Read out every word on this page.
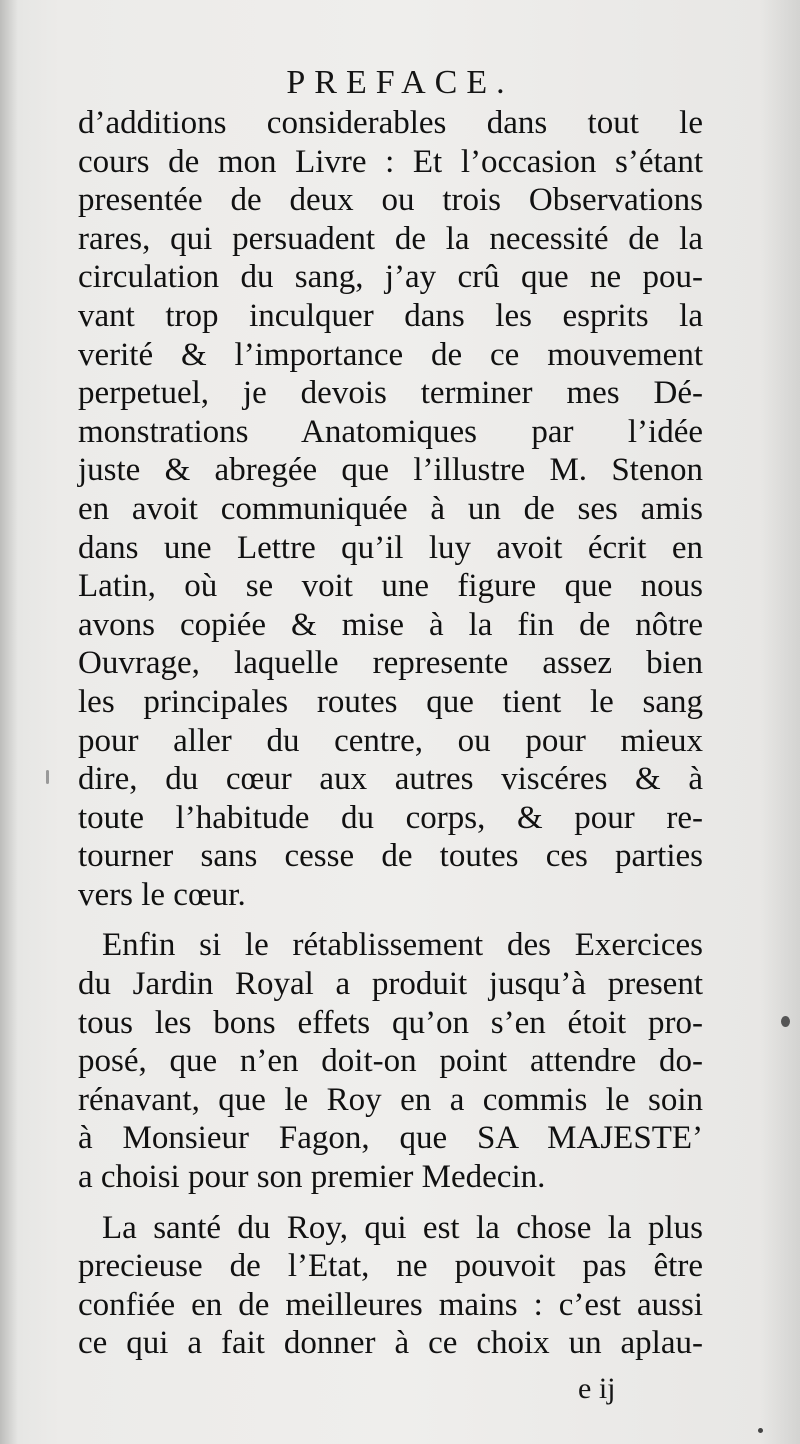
PREFACE.
d’additions considerables dans tout le
cours de mon Livre : Et l’occasion s’étant
presentée de deux ou trois Observations
rares, qui persuadent de la necessité de la
circulation du sang, j’ay crû que ne pou-
vant trop inculquer dans les esprits la
verité & l’importance de ce mouvement
perpetuel, je devois terminer mes Dé-
monstrations Anatomiques par l’idée
juste & abregée que l’illustre M. Stenon
en avoit communiquée à un de ses amis
dans une Lettre qu’il luy avoit écrit en
Latin, où se voit une figure que nous
avons copiée & mise à la fin de nôtre
Ouvrage, laquelle represente assez bien
les principales routes que tient le sang
pour aller du centre, ou pour mieux
dire, du cœur aux autres viscéres & à
toute l’habitude du corps, & pour re-
tourner sans cesse de toutes ces parties
vers le cœur.
Enfin si le rétablissement des Exercices
du Jardin Royal a produit jusqu’à present
tous les bons effets qu’on s’en étoit pro-
posé, que n’en doit-on point attendre do-
rénavant, que le Roy en a commis le soin
à Monsieur Fagon, que SA MAJESTE’
a choisi pour son premier Medecin.
La santé du Roy, qui est la chose la plus
precieuse de l’Etat, ne pouvoit pas être
confiée en de meilleures mains : c’est aussi
ce qui a fait donner à ce choix un aplau-
e ij
